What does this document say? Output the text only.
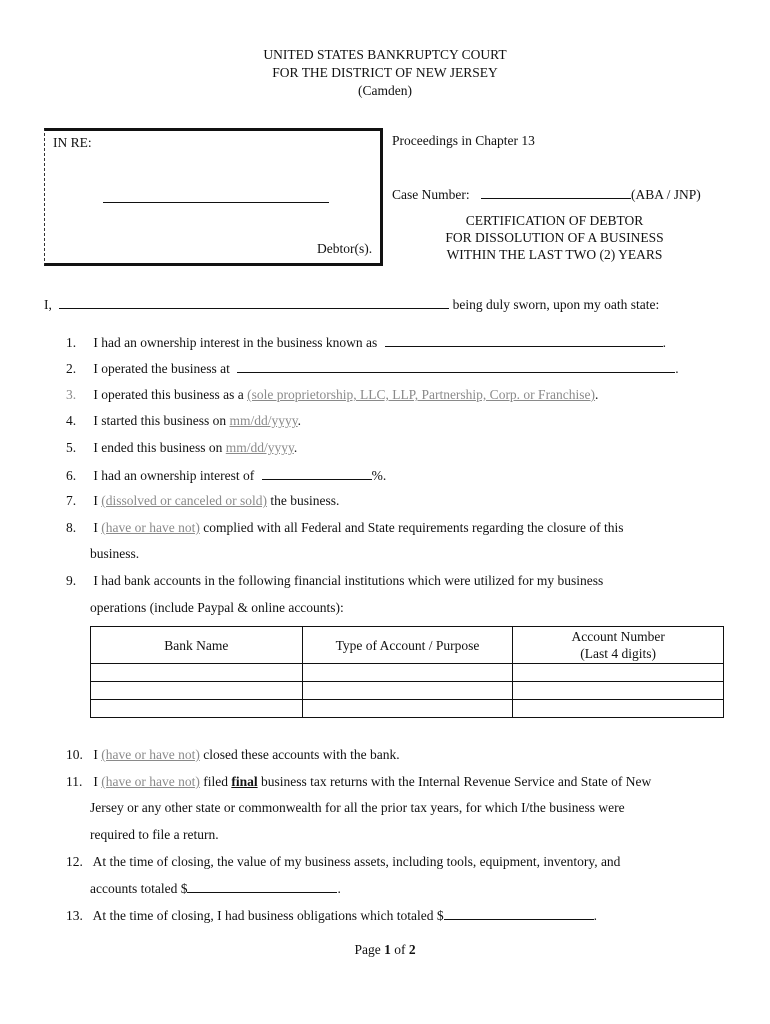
UNITED STATES BANKRUPTCY COURT
FOR THE DISTRICT OF NEW JERSEY
(Camden)
IN RE:
Debtor(s).
Proceedings in Chapter 13
Case Number:	(ABA / JNP)
CERTIFICATION OF DEBTOR
FOR DISSOLUTION OF A BUSINESS
WITHIN THE LAST TWO (2) YEARS
I,	being duly sworn, upon my oath state:
1. I had an ownership interest in the business known as	.
2. I operated the business at	.
3. I operated this business as a (sole proprietorship, LLC, LLP, Partnership, Corp. or Franchise).
4. I started this business on mm/dd/yyyy.
5. I ended this business on mm/dd/yyyy.
6. I had an ownership interest of	%.
7. I (dissolved or canceled or sold) the business.
8. I (have or have not) complied with all Federal and State requirements regarding the closure of this
business.
9. I had bank accounts in the following financial institutions which were utilized for my business
operations (include Paypal & online accounts):
Bank Name	Type of Account / Purpose	Account Number
(Last 4 digits)

10. I (have or have not) closed these accounts with the bank.
11. I (have or have not) filed final business tax returns with the Internal Revenue Service and State of New
Jersey or any other state or commonwealth for all the prior tax years, for which I/the business were
required to file a return.
12. At the time of closing, the value of my business assets, including tools, equipment, inventory, and
accounts totaled $	.
13. At the time of closing, I had business obligations which totaled $	.
Page 1 of 2
